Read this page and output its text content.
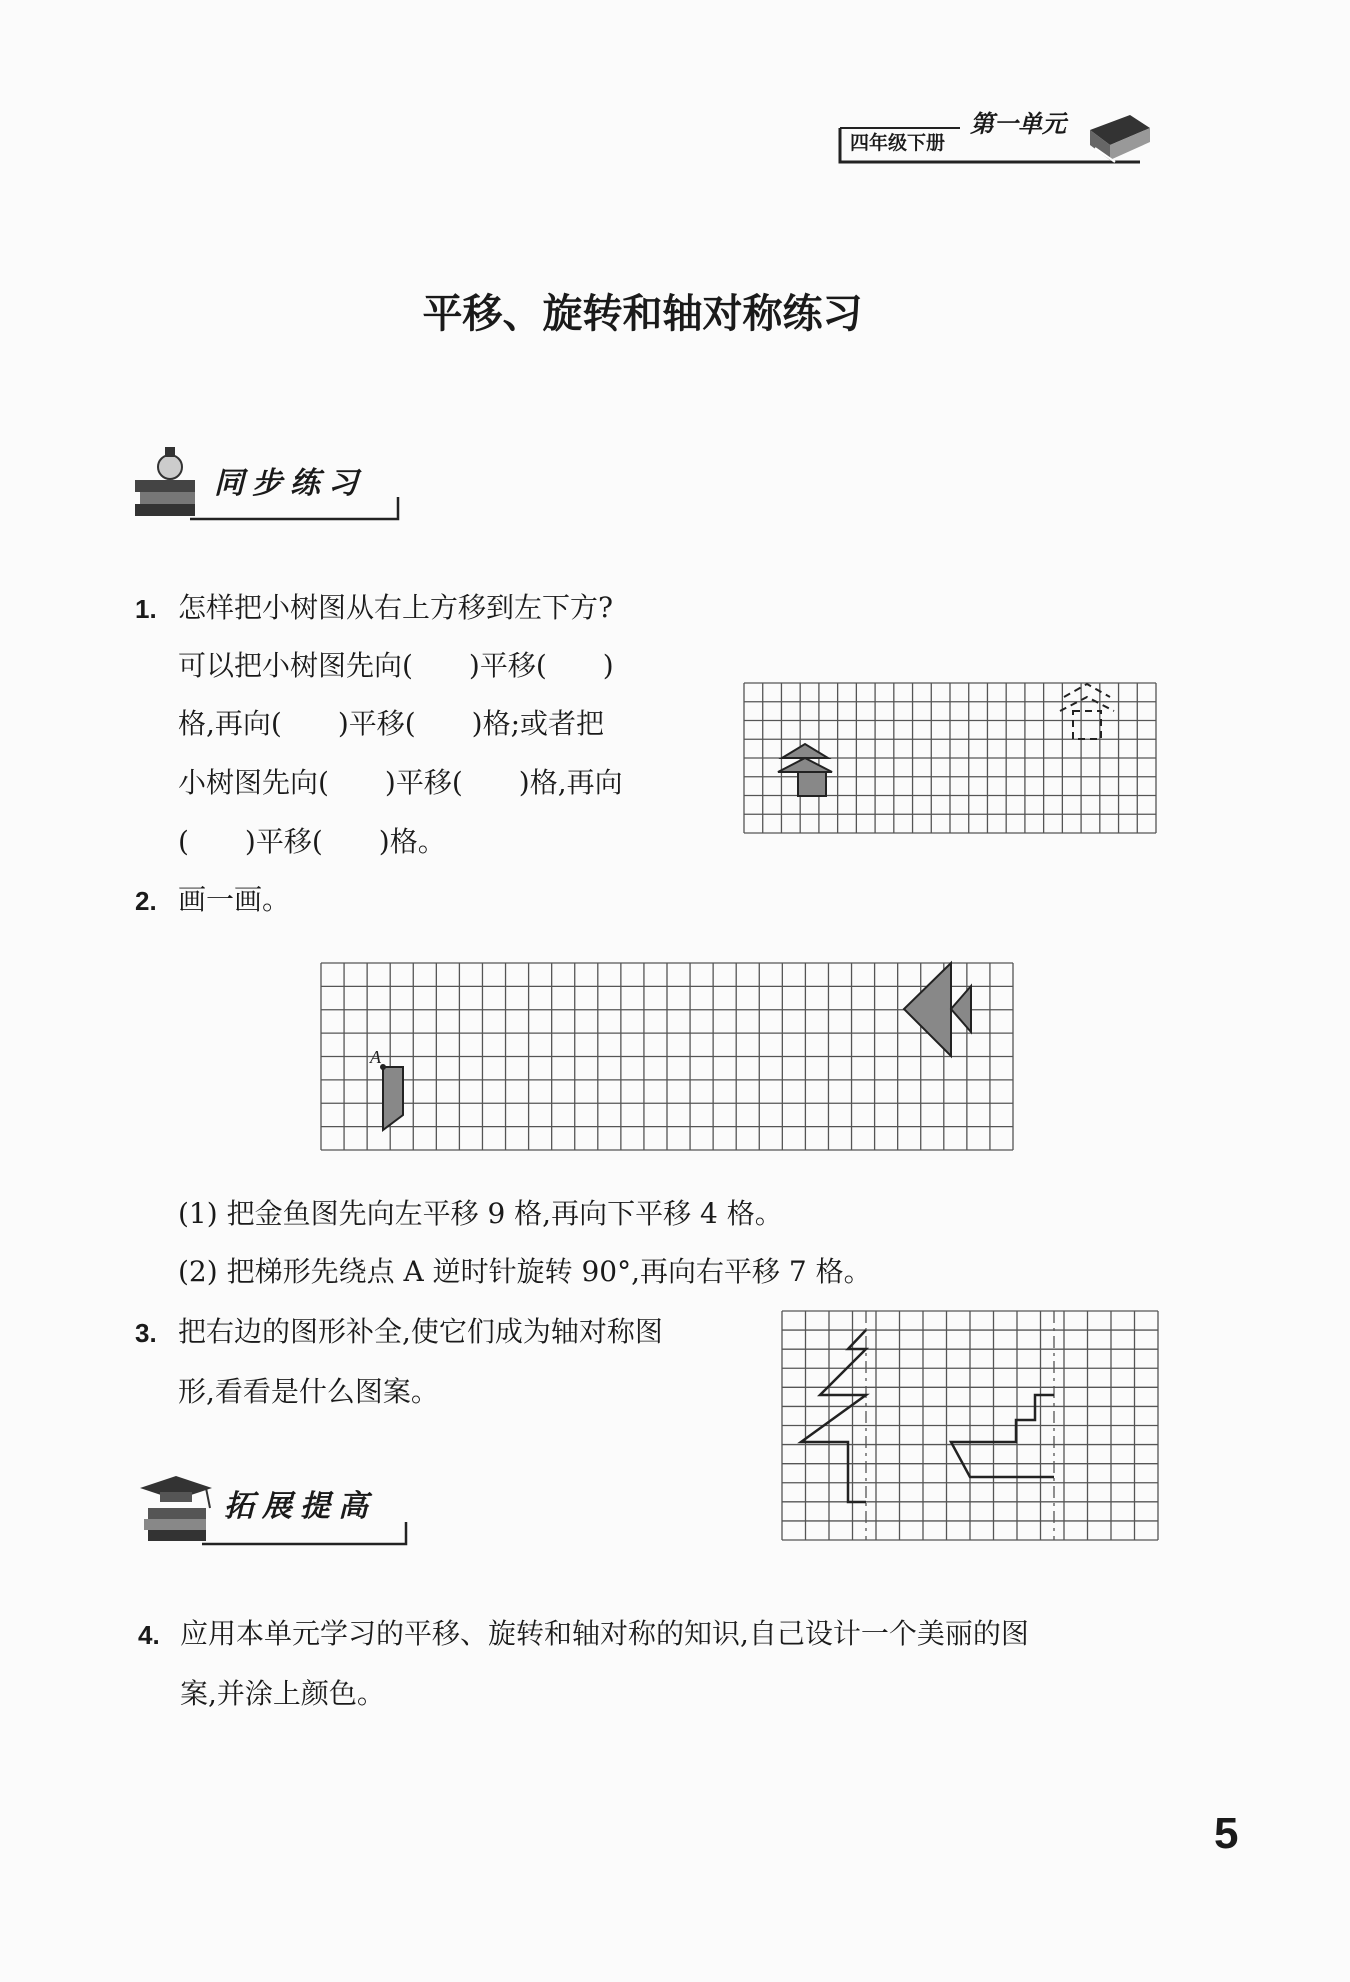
四年级下册
第一单元
平移、旋转和轴对称练习
同步练习
1. 怎样把小树图从右上方移到左下方?
可以把小树图先向(　　)平移(　　)
格,再向(　　)平移(　　)格;或者把
小树图先向(　　)平移(　　)格,再向
(　　)平移(　　)格。
2. 画一画。
A
(1) 把金鱼图先向左平移 9 格,再向下平移 4 格。
(2) 把梯形先绕点 A 逆时针旋转 90°,再向右平移 7 格。
3. 把右边的图形补全,使它们成为轴对称图
形,看看是什么图案。
拓展提高
4. 应用本单元学习的平移、旋转和轴对称的知识,自己设计一个美丽的图
案,并涂上颜色。
5
